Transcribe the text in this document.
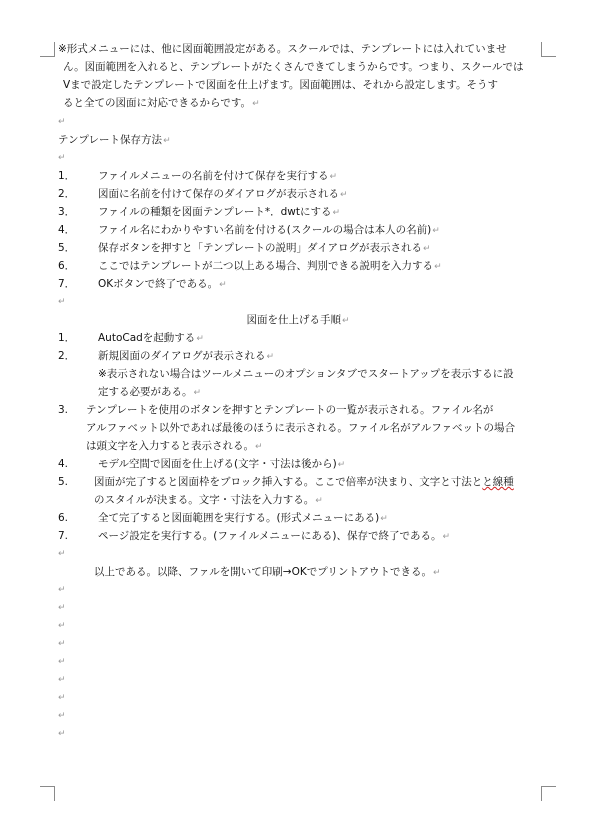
※形式メニューには、他に図面範囲設定がある。スクールでは、テンプレートには入れていませ
ん。図面範囲を入れると、テンプレートがたくさんできてしまうからです。つまり、スクールでは
Vまで設定したテンプレートで図面を仕上げます。図面範囲は、それから設定します。そうす
ると全ての図面に対応できるからです。↵
↵
テンプレート保存方法↵
↵
1． ファイルメニューの名前を付けて保存を実行する↵
2． 図面に名前を付けて保存のダイアログが表示される↵
3． ファイルの種類を図面テンプレート*．dwtにする↵
4． ファイル名にわかりやすい名前を付ける(スクールの場合は本人の名前)↵
5． 保存ボタンを押すと「テンプレートの説明」ダイアログが表示される↵
6． ここではテンプレートが二つ以上ある場合、判別できる説明を入力する↵
7． OKボタンで終了である。↵
↵
図面を仕上げる手順↵
1． AutoCadを起動する↵
2． 新規図面のダイアログが表示される↵
※表示されない場合はツールメニューのオプションタブでスタートアップを表示するに設
定する必要がある。↵
3. テンプレートを使用のボタンを押すとテンプレートの一覧が表示される。ファイル名が
アルファベット以外であれば最後のほうに表示される。ファイル名がアルファベットの場合
は頭文字を入力すると表示される。↵
4.	モデル空間で図面を仕上げる(文字・寸法は後から)↵
5. 図面が完了すると図面枠をブロック挿入する。ここで倍率が決まり、文字と寸法とと線種
のスタイルが決まる。文字・寸法を入力する。↵
6.	全て完了すると図面範囲を実行する。(形式メニューにある)↵
7.	ページ設定を実行する。(ファイルメニューにある)、保存で終了である。↵
↵
以上である。以降、ファルを開いて印刷→OKでプリントアウトできる。↵
↵
↵
↵
↵
↵
↵
↵
↵
↵
